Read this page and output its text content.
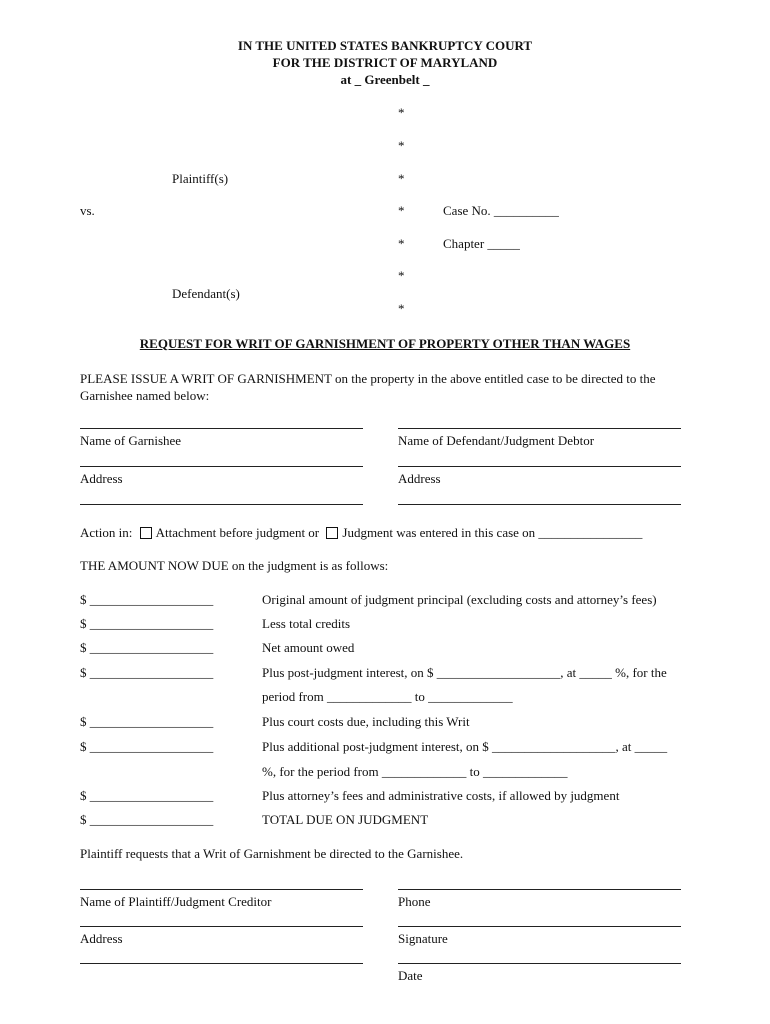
IN THE UNITED STATES BANKRUPTCY COURT
FOR THE DISTRICT OF MARYLAND
at _ Greenbelt _
*
*
*
*
*
*
*
Plaintiff(s)
vs.
Defendant(s)
Case No. __________
Chapter _____
REQUEST FOR WRIT OF GARNISHMENT OF PROPERTY OTHER THAN WAGES
PLEASE ISSUE A WRIT OF GARNISHMENT on the property in the above entitled case to be directed to the Garnishee named below:
Name of Garnishee	Name of Defendant/Judgment Debtor
Address	Address
Action in: Attachment before judgment or Judgment was entered in this case on ________________
THE AMOUNT NOW DUE on the judgment is as follows:
$ ___________________	Original amount of judgment principal (excluding costs and attorney’s fees)
$ ___________________	Less total credits
$ ___________________	Net amount owed
$ ___________________	Plus post-judgment interest, on $ ___________________, at _____ %, for the
period from _____________ to _____________
$ ___________________	Plus court costs due, including this Writ
$ ___________________	Plus additional post-judgment interest, on $ ___________________, at _____
%, for the period from _____________ to _____________
$ ___________________	Plus attorney’s fees and administrative costs, if allowed by judgment
$ ___________________	TOTAL DUE ON JUDGMENT
Plaintiff requests that a Writ of Garnishment be directed to the Garnishee.
Name of Plaintiff/Judgment Creditor	Phone
Address	Signature
Date
